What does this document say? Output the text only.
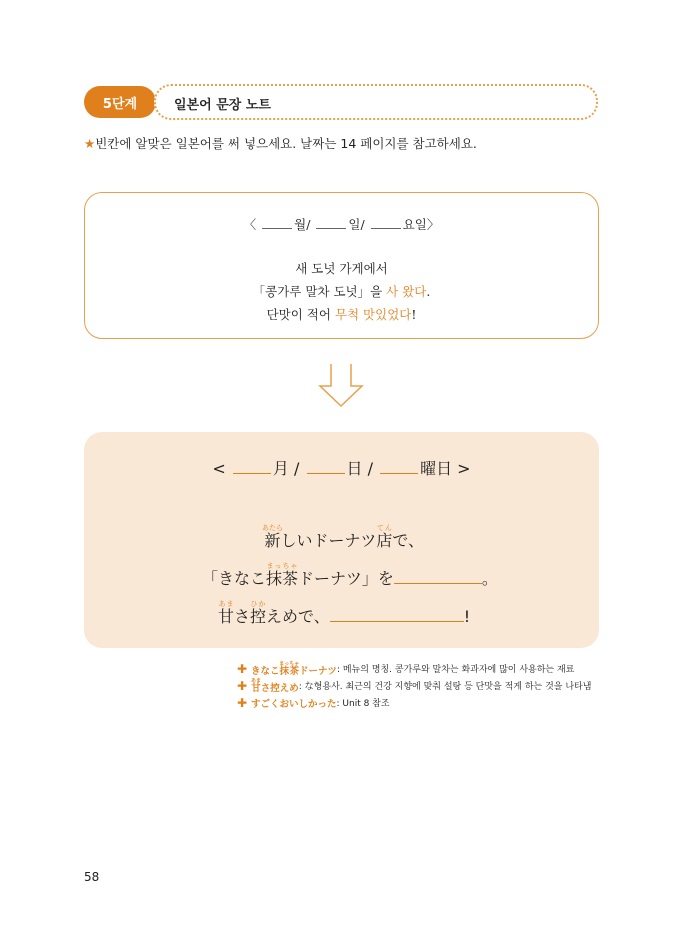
5단계	일본어 문장 노트
★빈칸에 알맞은 일본어를 써 넣으세요. 날짜는 14 페이지를 참고하세요.
〈	월/	일/	요일〉
새 도넛 가게에서
「콩가루 말차 도넛」을 사 왔다.
단맛이 적어 무척 맛있었다!
<	月 /	日 /	曜日 >
新あたらしいドーナツ店てんで、
「きなこ抹茶まっちゃドーナツ」を	。
甘あまさ控ひかえめで、	!
✚ きなこ抹茶まっちゃドーナツ : 메뉴의 명칭. 콩가루와 말차는 화과자에 많이 사용하는 재료
✚ 甘あまさ控えめ : な형용사. 최근의 건강 지향에 맞춰 설탕 등 단맛을 적게 하는 것을 나타냄
✚ すごくおいしかった : Unit 8 참조
58
